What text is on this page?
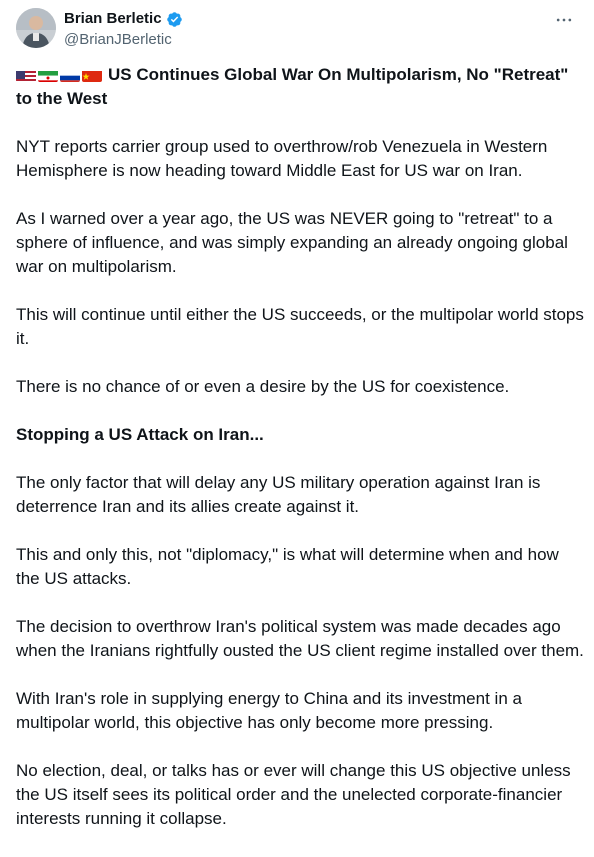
Brian Berletic
@BrianJBerletic
US Continues Global War On Multipolarism, No "Retreat" to the West

NYT reports carrier group used to overthrow/rob Venezuela in Western Hemisphere is now heading toward Middle East for US war on Iran.

As I warned over a year ago, the US was NEVER going to "retreat" to a sphere of influence, and was simply expanding an already ongoing global war on multipolarism.

This will continue until either the US succeeds, or the multipolar world stops it.

There is no chance of or even a desire by the US for coexistence.

Stopping a US Attack on Iran...

The only factor that will delay any US military operation against Iran is deterrence Iran and its allies create against it.

This and only this, not "diplomacy," is what will determine when and how the US attacks.

The decision to overthrow Iran's political system was made decades ago when the Iranians rightfully ousted the US client regime installed over them.

With Iran's role in supplying energy to China and its investment in a multipolar world, this objective has only become more pressing.

No election, deal, or talks has or ever will change this US objective unless the US itself sees its political order and the unelected corporate-financier interests running it collapse.
